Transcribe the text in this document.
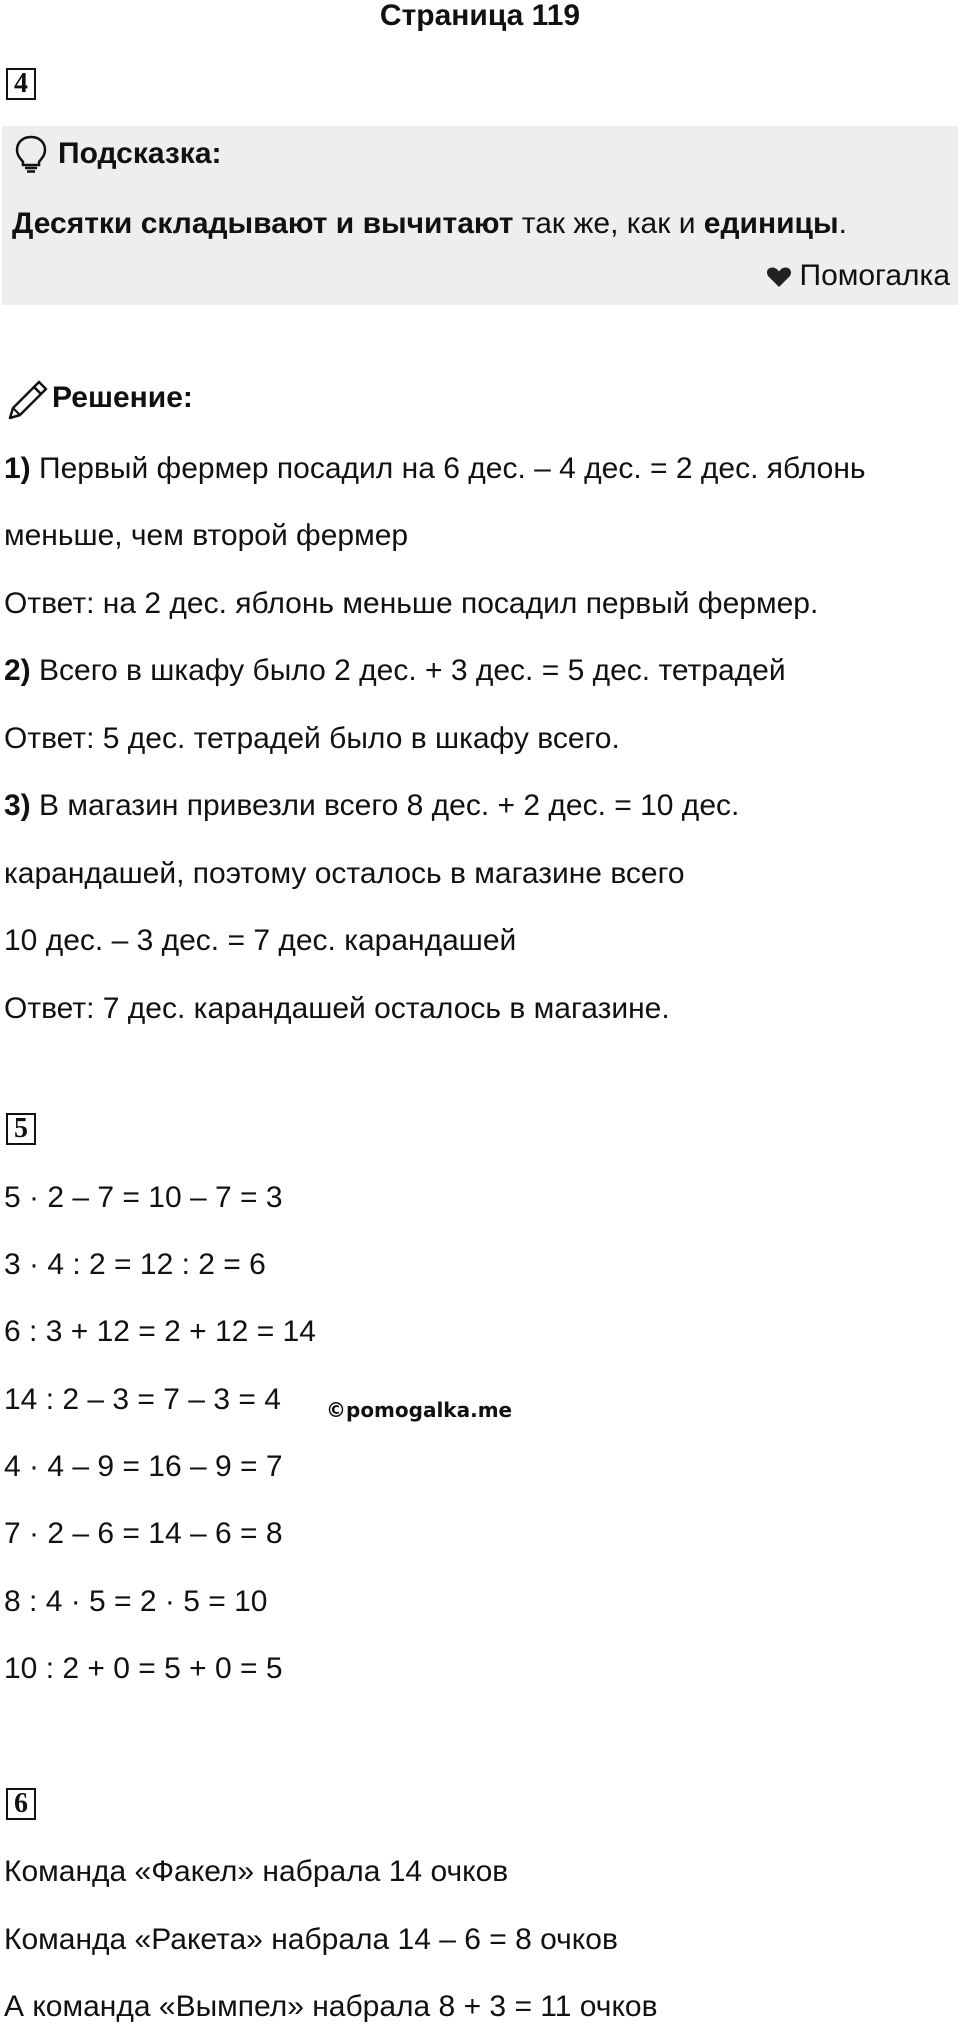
Страница 119
4
Подсказка:
Десятки складывают и вычитают так же, как и единицы.
Помогалка
Решение:
1) Первый фермер посадил на 6 дес. – 4 дес. = 2 дес. яблонь
меньше, чем второй фермер
Ответ: на 2 дес. яблонь меньше посадил первый фермер.
2) Всего в шкафу было 2 дес. + 3 дес. = 5 дес. тетрадей
Ответ: 5 дес. тетрадей было в шкафу всего.
3) В магазин привезли всего 8 дес. + 2 дес. = 10 дес.
карандашей, поэтому осталось в магазине всего
10 дес. – 3 дес. = 7 дес. карандашей
Ответ: 7 дес. карандашей осталось в магазине.
5
5 · 2 – 7 = 10 – 7 = 3
3 · 4 : 2 = 12 : 2 = 6
6 : 3 + 12 = 2 + 12 = 14
14 : 2 – 3 = 7 – 3 = 4
4 · 4 – 9 = 16 – 9 = 7
7 · 2 – 6 = 14 – 6 = 8
8 : 4 · 5 = 2 · 5 = 10
10 : 2 + 0 = 5 + 0 = 5
©pomogalka.me
6
Команда «Факел» набрала 14 очков
Команда «Ракета» набрала 14 – 6 = 8 очков
А команда «Вымпел» набрала 8 + 3 = 11 очков
